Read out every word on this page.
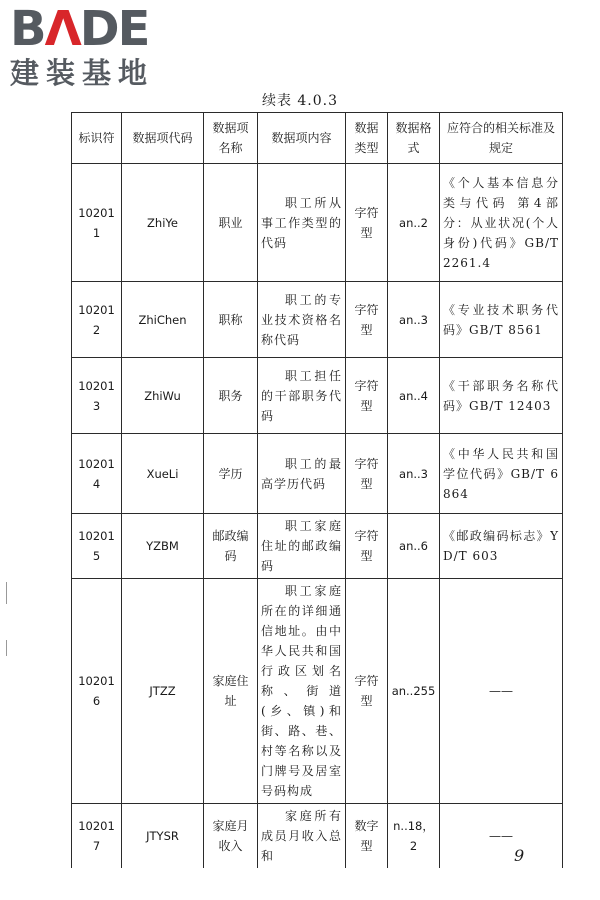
BΛDE
建装基地
续表 4.0.3
标识符	数据项代码	数据项名称	数据项内容	数据类型	数据格式	应符合的相关标准及规定
102011	ZhiYe	职业	职工所从事工作类型的代码	字符型	an..2	《个人基本信息分类与代码 第4部分：从业状况(个人身份)代码》GB/T 2261.4
102012	ZhiChen	职称	职工的专业技术资格名称代码	字符型	an..3	《专业技术职务代码》GB/T 8561
102013	ZhiWu	职务	职工担任的干部职务代码	字符型	an..4	《干部职务名称代码》GB/T 12403
102014	XueLi	学历	职工的最高学历代码	字符型	an..3	《中华人民共和国学位代码》GB/T 6864
102015	YZBM	邮政编码	职工家庭住址的邮政编码	字符型	an..6	《邮政编码标志》YD/T 603
102016	JTZZ	家庭住址	职工家庭所在的详细通信地址。由中华人民共和国行政区划名称、街道(乡、镇)和街、路、巷、村等名称以及门牌号及居室号码构成	字符型	an..255	——
102017	JTYSR	家庭月收入	家庭所有成员月收入总和	数字型	n..18，2	——
9
